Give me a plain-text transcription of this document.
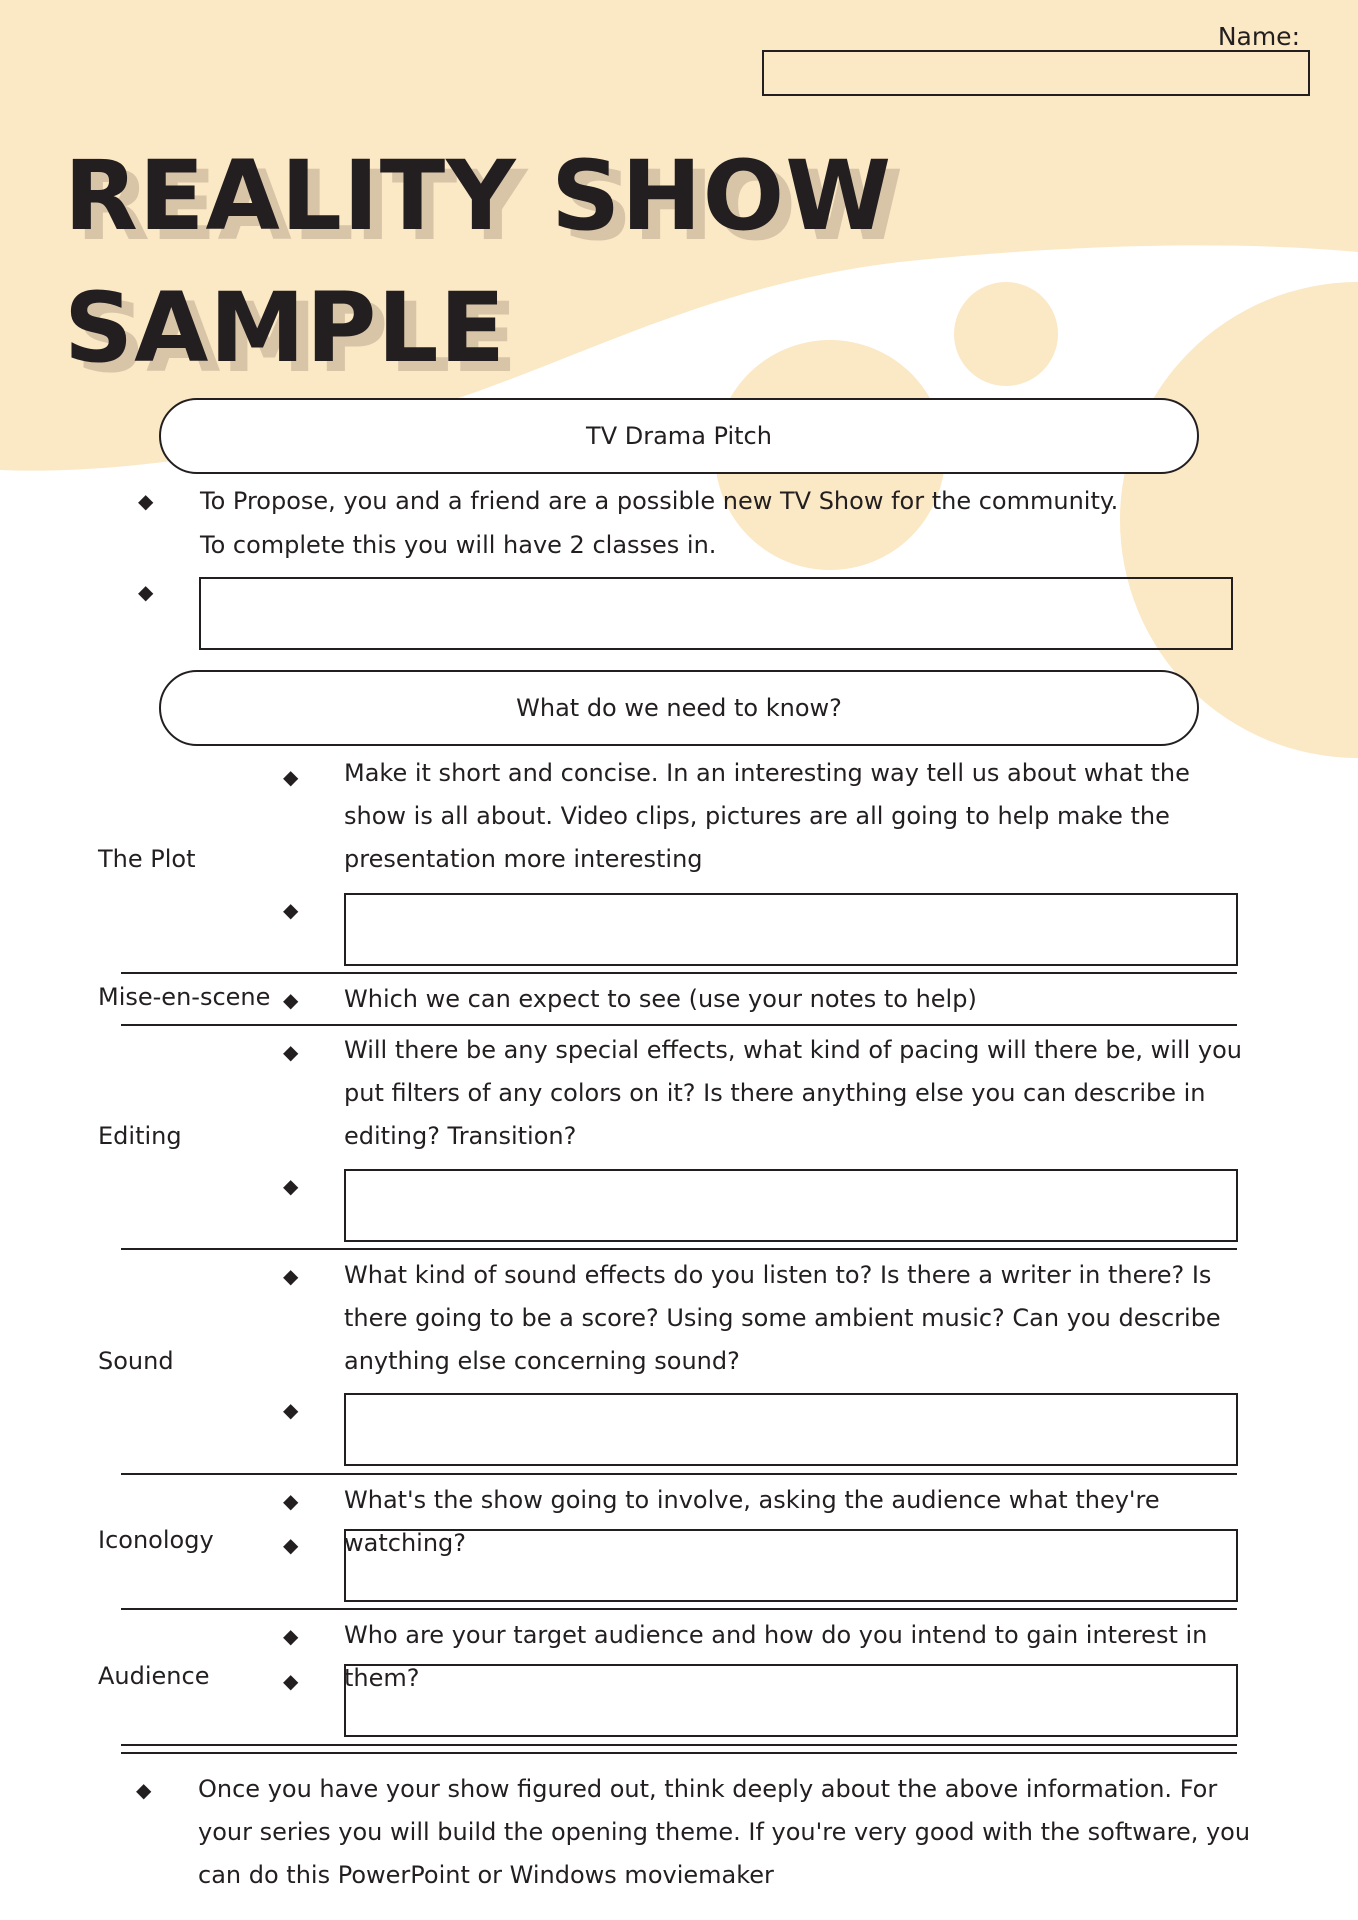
Name:
REALITY SHOW
SAMPLE
TV Drama Pitch
◆ To Propose, you and a friend are a possible new TV Show for the community.
To complete this you will have 2 classes in.
◆
What do we need to know?
The Plot
◆ Make it short and concise. In an interesting way tell us about what the show is all about. Video clips, pictures are all going to help make the presentation more interesting
◆
Mise-en-scene ◆ Which we can expect to see (use your notes to help)
Editing
◆ Will there be any special effects, what kind of pacing will there be, will you put filters of any colors on it? Is there anything else you can describe in editing? Transition?
◆
Sound
◆ What kind of sound effects do you listen to? Is there a writer in there? Is there going to be a score? Using some ambient music? Can you describe anything else concerning sound?
◆
Iconology
◆ What's the show going to involve, asking the audience what they're watching?
◆
Audience
◆ Who are your target audience and how do you intend to gain interest in them?
◆
◆ Once you have your show figured out, think deeply about the above information. For your series you will build the opening theme. If you're very good with the software, you can do this PowerPoint or Windows moviemaker
